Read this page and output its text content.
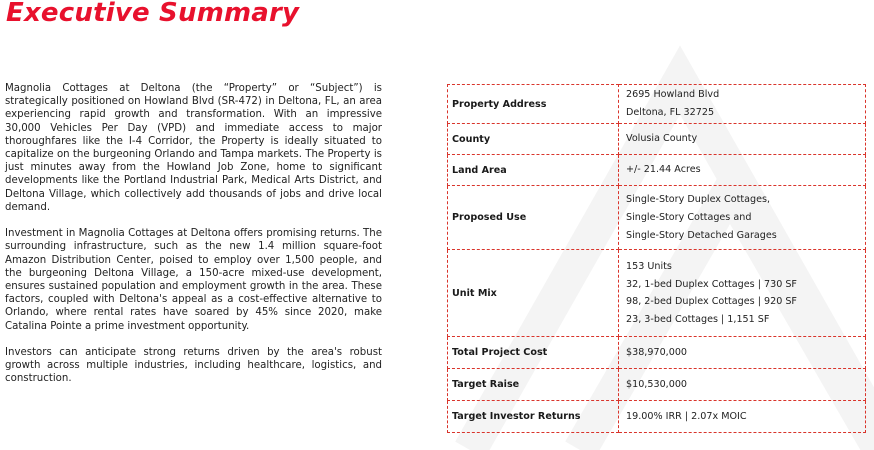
Executive Summary

Magnolia Cottages at Deltona (the “Property” or “Subject”) is strategically positioned on Howland Blvd (SR-472) in Deltona, FL, an area experiencing rapid growth and transformation. With an impressive 30,000 Vehicles Per Day (VPD) and immediate access to major thoroughfares like the I-4 Corridor, the Property is ideally situated to capitalize on the burgeoning Orlando and Tampa markets. The Property is just minutes away from the Howland Job Zone, home to significant developments like the Portland Industrial Park, Medical Arts District, and Deltona Village, which collectively add thousands of jobs and drive local demand.

Investment in Magnolia Cottages at Deltona offers promising returns. The surrounding infrastructure, such as the new 1.4 million square-foot Amazon Distribution Center, poised to employ over 1,500 people, and the burgeoning Deltona Village, a 150-acre mixed-use development, ensures sustained population and employment growth in the area. These factors, coupled with Deltona's appeal as a cost-effective alternative to Orlando, where rental rates have soared by 45% since 2020, make Catalina Pointe a prime investment opportunity.

Investors can anticipate strong returns driven by the area's robust growth across multiple industries, including healthcare, logistics, and construction.

Property Address	2695 Howland Blvd
Deltona, FL 32725

County	Volusia County

Land Area	+/- 21.44 Acres

Proposed Use	Single-Story Duplex Cottages,
Single-Story Cottages and
Single-Story Detached Garages

Unit Mix	153 Units
32, 1-bed Duplex Cottages | 730 SF
98, 2-bed Duplex Cottages | 920 SF
23, 3-bed Cottages | 1,151 SF

Total Project Cost	$38,970,000

Target Raise	$10,530,000

Target Investor Returns	19.00% IRR | 2.07x MOIC
